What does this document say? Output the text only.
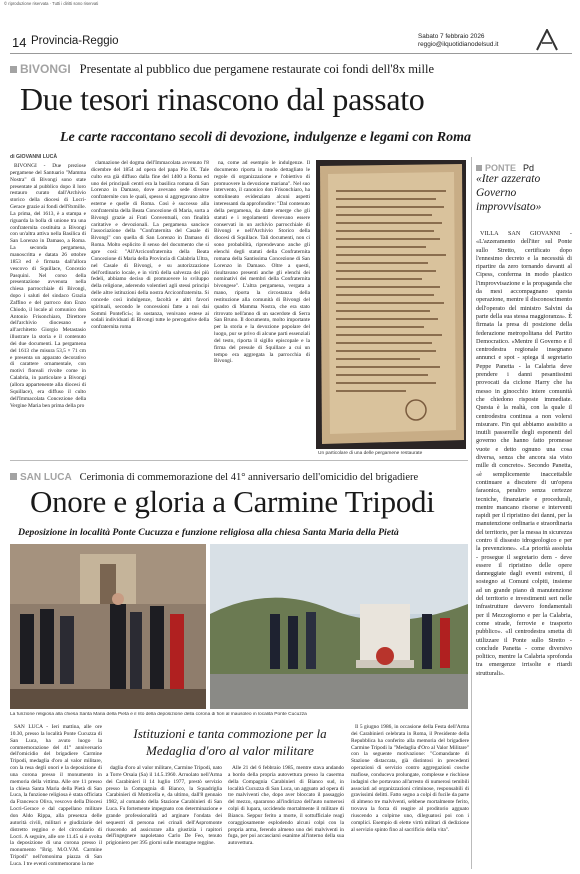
© riproduzione riservata · Tutti i diritti sono riservati
14 Provincia-Reggio	Sabato 7 febbraio 2026
reggio@ilquotidianodelsud.it
BIVONGI Presentate al pubblico due pergamene restaurate coi fondi dell'8x mille
Due tesori rinascono dal passato
Le carte raccontano secoli di devozione, indulgenze e legami con Roma
di GIOVANNI LUCÀ

BIVONGI - Due preziose pergamene del Santuario "Mamma Nostra" di Bivongi sono state presentate al pubblico dopo il loro restauro curato dall'Archivio storico della diocesi di Locri-Gerace grazie ai fondi dell'8xmille. La prima, del 1613, è a stampa e riguarda la bolla di unione tra una confraternita costituita a Bivongi con un'altra attiva nella Basilica di San Lorenzo in Damaso, a Roma. La seconda pergamena, manoscritta e datata 26 ottobre 1853 ed è firmata dall'allora vescovo di Squillace, Concezio Pasquini. Nel corso della presentazione avvenuta nella chiesa parrocchiale di Bivongi, dopo i saluti del sindaco Grazia Zaffino e del parroco don Enzo Chiodo, il locale al comunico don Antonio Frisonchiaro, Direttore dell'archivio diocesano e all'architetto Giorgio Metastasio illustrare la storia e il contenuto dei due documenti. La pergamena del 1613 che misura 53,5 × 71 cm e presenta un apparato decorativo di carattere ornamentale, con motivi floreali rivolte come in Calabria, in particolare a Bivongi (allora appartenente alla diocesi di Squillace), era diffuso il culto dell'Immacolata Concezione della Vergine Maria ben prima della pro

clamazione del dogma dell'Immacolata avvenuto l'8 dicembre del 1854 ad opera del papa Pio IX. Tale culto era già diffuso dalla fine del 1400 a Roma ed uno dei principali centri era la basilica romana di San Lorenzo in Damaso, dove avevano sede diverse confraternite con le quali, spesso si aggregavano altre esterne e quelle di Roma. Così è successo alla confraternita della Beata Concezione di Maria, sorta a Bivongi grazie ai Frati Conventuali, con finalità caritative e devozionali. La pergamena sancisce l'associazione della "Confraternita del Casale di Bivongi" con quella di San Lorenzo in Damaso di Roma. Molto esplicito il senso del documento che si apre così: "All'Arciconfraternita della Beata Concezione di Maria della Provincia di Calabria Ultra, nel Casale di Bivongi, e su autorizzazione dell'ordinario locale, e in virtù della salvezza dei più fedeli, abbiamo deciso di promuovere lo sviluppo della religione, aderendo volentieri agli stessi principi delle altre istituzioni della nostra Arciconfraternita. Si concede così indulgenze, facoltà e altri favori spirituali, secondo le concessioni fatte a noi dai Sommi Pontefici»; in sostanza, venivano estese ai sodali individuati di Bivongi tutte le prerogative della confraternita roma

na, come ad esempio le indulgenze. Il documento riporta in modo dettagliato le regole di organizzazione e l'obiettivo di promuovere la devozione mariana". Nel suo intervento, il canonico don Frisonchiaro, ha sottolineato evidenziato alcuni aspetti interessanti da approfondire: "Dal contenuto della pergamena, da datte emerge che gli statuti e i regolamenti dovevano essere conservati in un archivio parrocchiale di Bivongi e nell'Archivio Storico della diocesi di Squillace. Tali documenti, non ci sono probabilità, riprendevano anche gli elenchi degli statuti della Confraternita romana della Santissima Concezione di San Lorenzo in Damaso. Oltre a questi, risultavano presenti anche gli elenchi dei nominativi dei membri della Confraternita bivongese". L'altra pergamena, vergata a mano, riporta la circostanza della restituzione alla comunità di Bivongi del quadro di Mamma Nostra, che era stato ritrovato nell'anno di un sacerdote di Serra San Bruno. Il documento, molto importante per la storia e la devozione popolare del luogo, pur se privo di alcune parti essenziali del testo, riporta il sigillo episcopale e la firma del presule di Squillace a cui un tempo era aggregata la parrocchia di Bivongi.

Un particolare di una delle pergamene restaurate
PONTE Pd
«Iter azzerato Governo improvvisato»

VILLA SAN GIOVANNI - «L'azzeramento dell'iter sul Ponte sullo Stretto, certificato dopo l'ennesimo decreto e la necessità di ripartire da zero tornando davanti al Cipess, conferma in modo plastico l'improvvisazione e la propaganda che da mesi accompagnano questa operazione, mentre il disconoscimento dell'operato del ministro Salvini da parte della sua stessa maggioranza». È firmata la presa di posizione della federazione metropolitana del Partito Democratico. «Mentre il Governo e il centrodestra regionale insegnano annunci e spot - spiega il segretario Peppe Panetta - la Calabria deve prendere i danni pesantissimi provocati da ciclone Harry che ha messo in ginocchio intere comunità che chiedono risposte immediate. Questa è la realtà, con la quale il centrodestra continua a non volersi misurare. Fin qui abbiamo assistito a inutili passerelle degli esponenti del governo che hanno fatto promesse vuote e detto ognuno una cosa diversa, senza che ancora sia visto mille di concreto». Secondo Panetta, «è semplicemente inaccettabile continuare a discutere di un'opera faraonica, peraltro senza certezze tecniche, finanziarie e procedurali, mentre mancano risorse e interventi rapidi per il ripristino dei danni, per la manutenzione ordinaria e straordinaria del territorio, per la messa in sicurezza contro il dissesto idrogeologico e per la prevenzione». «La priorità assoluta - prosegue il segretario dem - deve essere il ripristino delle opere danneggiate dagli eventi estremi, il sostegno ai Comuni colpiti, insieme ad un grande piano di manutenzione del territorio e investimenti seri nelle infrastrutture davvero fondamentali per il Mezzogiorno e per la Calabria, come strade, ferrovie e trasporto pubblico». «Il centrodestra smetta di utilizzare il Ponte sullo Stretto - conclude Panetta - come diversivo politico, mentre la Calabria sprofonda tra emergenze irrisolte e ritardi strutturali».

SAN LUCA Cerimonia di commemorazione del 41° anniversario dell'omicidio del brigadiere
Onore e gloria a Carmine Tripodi
Deposizione in località Ponte Cucuzza e funzione religiosa alla chiesa Santa Maria della Pietà
La funzione religiosa alla chiesa Santa Maria della Pietà e il rito della deposizione della corona di fiori al mausoleo in località Ponte Cucuzza

SAN LUCA - Ieri mattina, alle ore 10.30, presso la località Ponte Cucuzza di San Luca, ha avuto luogo la commemorazione del 41° anniversario dell'omicidio del brigadiere Carmine Tripodi, medaglia d'oro al valor militare, con la resa degli onori e la deposizione di una corona presso il monumento in memoria della vittima. Alle ore 11 presso la chiesa Santa Maria della Pietà di San Luca, la funzione religiosa è stata officiata da Francesco Oliva, vescovo della Diocesi Locri-Gerace e dal cappellano militare don Aldo Rippa, alla presenza delle autorità civili, militari e giudiziarie del distretto reggino e del circondario di Locri. A seguire, alle ore 11.45 si è svolta la deposizione di una corona presso il monumento "Brig. M.O.V.M. Carmine Tripodi" nell'omonima piazza di San Luca. I tre eventi commemorano la me

Istituzioni e tanta commozione per la Medaglia d'oro al valor militare

daglia d'oro al valor militare, Carmine Tripodi, nato a Torre Orsaia (Sa) il 14.5.1960. Arruolato nell'Arma dei Carabinieri il 14 luglio 1977, prestò servizio presso la Compagnia di Bianco, la Squadriglia Carabinieri di Motticella e, da ultimo, dall'8 gennaio 1982, al comando della Stazione Carabinieri di San Luca. Fu fortemente impegnato con determinazione e grande professionalità ad arginare l'ondata dei sequestri di persona nei crinali dell'Aspromonte riuscendo ad assicurare alla giustizia i rapitori dell'ingegnere napoletano Carlo De Feo, tenuto prigioniero per 395 giorni sulle montagne reggine.

Alle 21 del 6 febbraio 1985, mentre stava andando a bordo della propria autovettura presso la caserma della Compagnia Carabinieri di Bianco sud, in località Cucuzza di San Luca, un agguato ad opera di tre malviventi che, dopo aver bloccato il passaggio del mezzo, spararono all'indirizzo dell'auto numerosi colpi di lupara, uccidendo mortalmente il militare di Bianco. Seppur ferito a morte, il sottufficiale reagì coraggiosamente esplodendo alcuni colpi con la propria arma, ferendo almeno uno dei malviventi in fuga, per poi accasciarsi esanime all'interno della sua autovettura.

Il 5 giugno 1986, in occasione della Festa dell'Arma dei Carabinieri celebrata in Roma, il Presidente della Repubblica ha conferito alla memoria del brigadiere Carmine Tripodi la "Medaglia d'Oro al Valor Militare" con la seguente motivazione: "Comandante di Stazione distaccata, già distintosi in precedenti operazioni di servizio contro aggregazioni cosche mafiose, conduceva prolungate, complesse e rischiose indagini che portavano all'arresto di numerosi temibili associati ad organizzazioni criminose, responsabili di gravissimi delitti. Fatto segno a colpi di fucile da parte di almeno tre malviventi, sebbene mortalmente ferito, trovava la forza di reagire al proditorio agguato riuscendo a colpirne uno, dileguatosi poi con i complici. Esempio di elette virtù militari di dedizione al servizio spinto fino al sacrificio della vita".
